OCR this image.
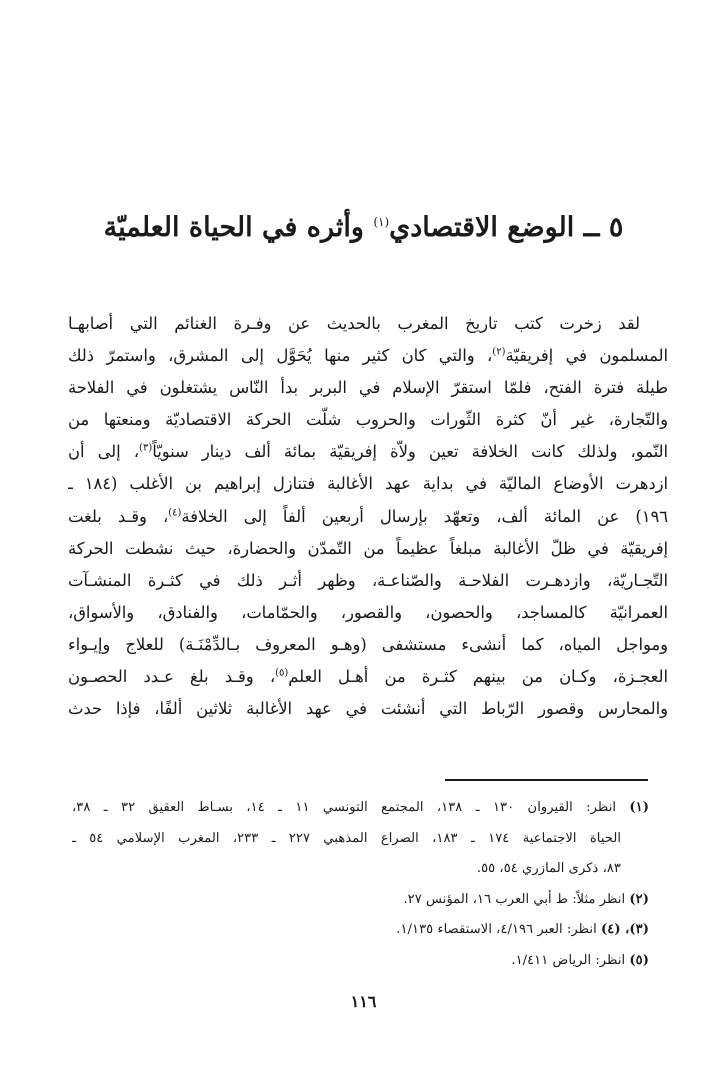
٥ ــ الوضع الاقتصادي$^{(١)}$ وأثره في الحياة العلميّة
لقد زخرت كتب تاريخ المغرب بالحديث عن وفـرة الغنائم التي أصابهـا
المسلمون في إفريقيّة$^{(٢)}$، والتي كان كثير منها يُحَوَّل إلى المشرق، واستمرّ ذلك
طيلة فترة الفتح، فلمّا استقرّ الإسلام في البربر بدأ النّاس يشتغلون في الفلاحة
والتّجارة، غير أنّ كثرة الثّورات والحروب شلّت الحركة الاقتصاديّة ومنعتها من
النّمو، ولذلك كانت الخلافة تعين ولاّة إفريقيّة بمائة ألف دينار سنويّاً$^{(٣)}$، إلى أن
ازدهرت الأوضاع الماليّة في بداية عهد الأغالبة فتنازل إبراهيم بن الأغلب (١٨٤ ـ
١٩٦) عن المائة ألف، وتعهّد بإرسال أربعين ألفاً إلى الخلافة$^{(٤)}$، وقـد بلغت
إفريقيّة في ظلّ الأغالبة مبلغاً عظيماً من التّمدّن والحضارة، حيث نشطت الحركة
التّجـاريّة، وازدهـرت الفلاحـة والصّناعـة، وظهر أثـر ذلك في كثـرة المنشـآت
العمرانيّة كالمساجد، والحصون، والقصور، والحمّامات، والفنادق، والأسواق،
ومواجل المياه، كما أنشىء مستشفى (وهـو المعروف بـالدِّمْنَـة) للعلاج وإيـواء
العجـزة، وكـان من بينهم كثـرة من أهـل العلم$^{(٥)}$، وقـد بلغ عـدد الحصـون
والمحارس وقصور الرّباط التي أنشئت في عهد الأغالبة ثلاثين ألفًا، فإذا حدث
(١) انظر: القيروان ١٣٠ ـ ١٣٨، المجتمع التونسي ١١ ـ ١٤، بسـاط العقيق ٣٢ ـ ٣٨،
الحياة الاجتماعية ١٧٤ ـ ١٨٣، الصراع المذهبي ٢٢٧ ـ ٢٣٣، المغرب الإسلامي ٥٤ ـ
٨٣، ذكرى المازري ٥٤، ٥٥.
(٢) انظر مثلاً: ط أبي العرب ١٦، المؤنس ٢٧.
(٣)، (٤) انظر: العبر ٤/١٩٦، الاستقصاء ١/١٣٥.
(٥) انظر: الرياض ١/٤١١.
١١٦
